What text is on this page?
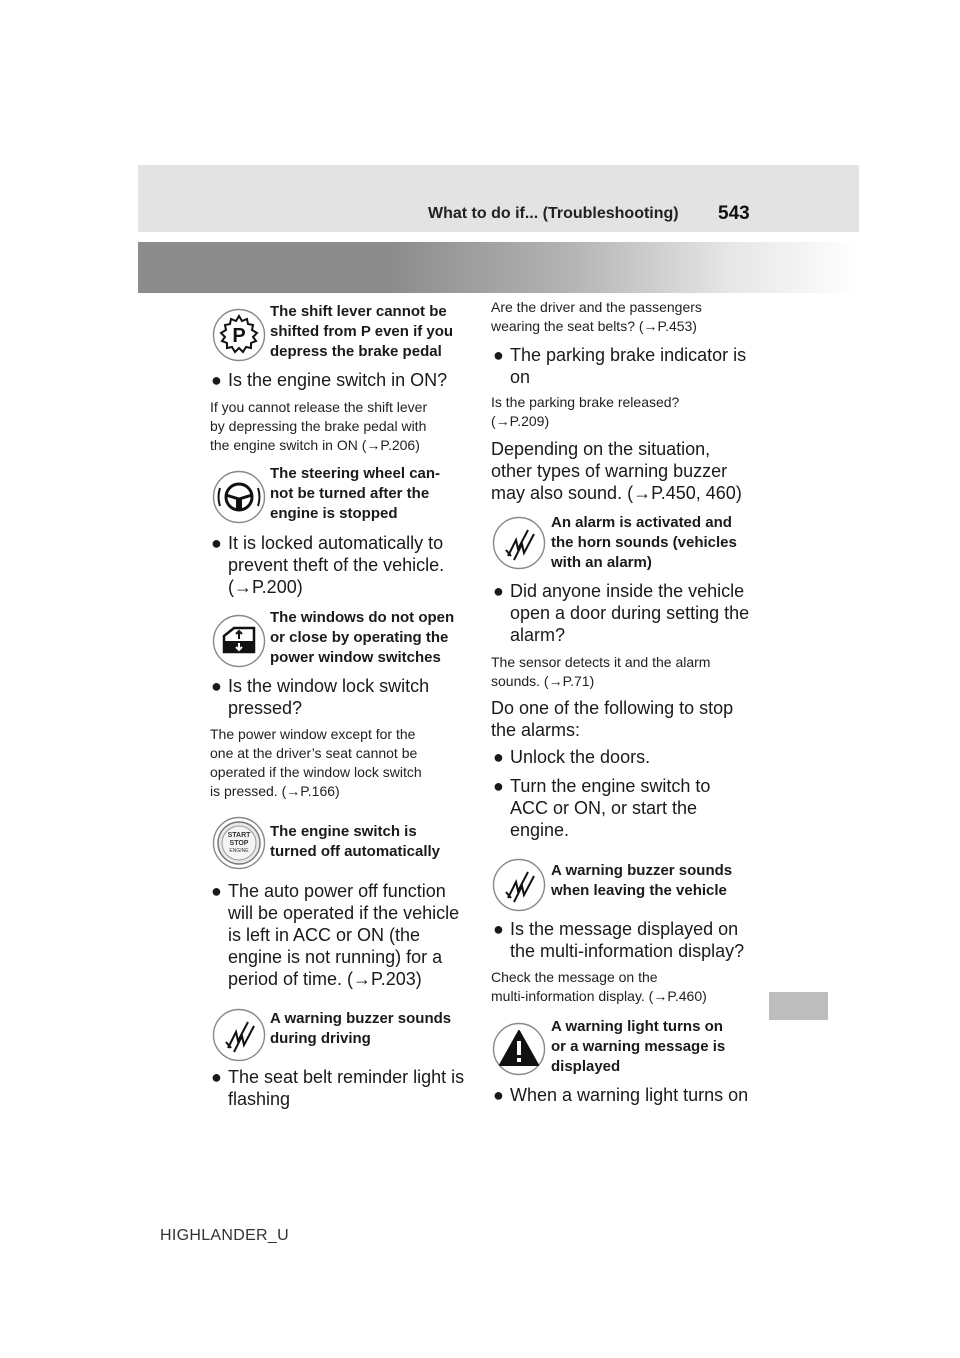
What to do if... (Troubleshooting) 543
P
The shift lever cannot be
shifted from P even if you
depress the brake pedal
● Is the engine switch in ON?
If you cannot release the shift lever
by depressing the brake pedal with
the engine switch in ON (→P.206)
The steering wheel can-
not be turned after the
engine is stopped
● It is locked automatically to
prevent theft of the vehicle.
(→P.200)
The windows do not open
or close by operating the
power window switches
● Is the window lock switch
pressed?
The power window except for the
one at the driver’s seat cannot be
operated if the window lock switch
is pressed. (→P.166)
START
STOP
ENGINE
The engine switch is
turned off automatically
● The auto power off function
will be operated if the vehicle
is left in ACC or ON (the
engine is not running) for a
period of time. (→P.203)
A warning buzzer sounds
during driving
● The seat belt reminder light is
flashing
Are the driver and the passengers
wearing the seat belts? (→P.453)
● The parking brake indicator is
on
Is the parking brake released?
(→P.209)
Depending on the situation,
other types of warning buzzer
may also sound. (→P.450, 460)
An alarm is activated and
the horn sounds (vehicles
with an alarm)
● Did anyone inside the vehicle
open a door during setting the
alarm?
The sensor detects it and the alarm
sounds. (→P.71)
Do one of the following to stop
the alarms:
● Unlock the doors.
● Turn the engine switch to
ACC or ON, or start the
engine.
A warning buzzer sounds
when leaving the vehicle
● Is the message displayed on
the multi-information display?
Check the message on the
multi-information display. (→P.460)
A warning light turns on
or a warning message is
displayed
● When a warning light turns on
HIGHLANDER_U
